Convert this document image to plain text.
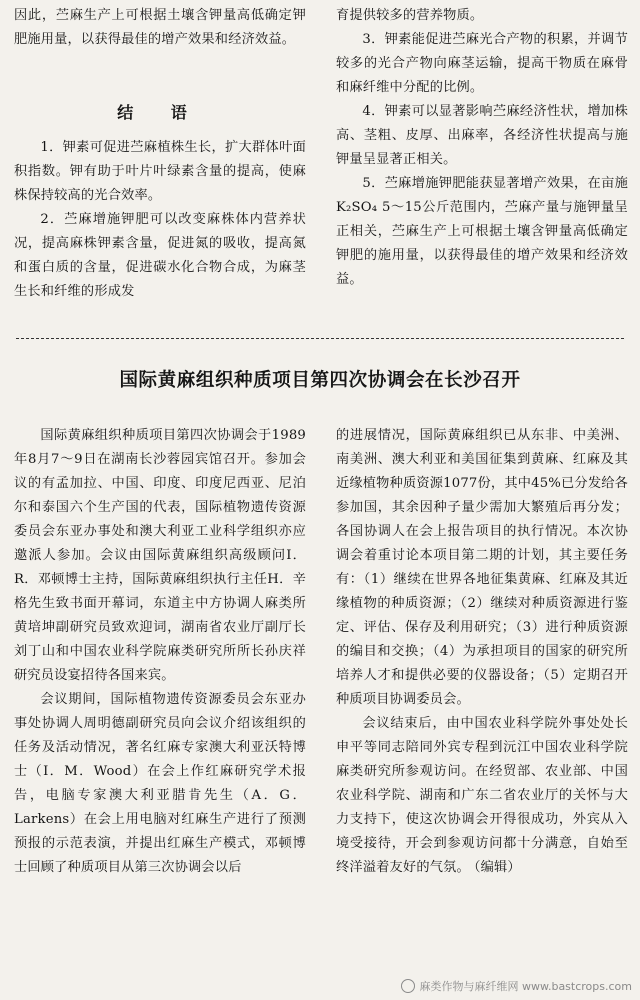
因此，苎麻生产上可根据土壤含钾量高低确定钾肥施用量，以获得最佳的增产效果和经济效益。

结 语

1．钾素可促进苎麻植株生长，扩大群体叶面积指数。钾有助于叶片叶绿素含量的提高，使麻株保持较高的光合效率。

2．苎麻增施钾肥可以改变麻株体内营养状况，提高麻株钾素含量，促进氮的吸收，提高氮和蛋白质的含量，促进碳水化合物合成，为麻茎生长和纤维的形成发

育提供较多的营养物质。

3．钾素能促进苎麻光合产物的积累，并调节较多的光合产物向麻茎运输，提高干物质在麻骨和麻纤维中分配的比例。

4．钾素可以显著影响苎麻经济性状，增加株高、茎粗、皮厚、出麻率，各经济性状提高与施钾量呈显著正相关。

5．苎麻增施钾肥能获显著增产效果，在亩施K₂SO₄ 5～15公斤范围内，苎麻产量与施钾量呈正相关，苎麻生产上可根据土壤含钾量高低确定钾肥的施用量，以获得最佳的增产效果和经济效益。

国际黄麻组织种质项目第四次协调会在长沙召开

国际黄麻组织种质项目第四次协调会于1989年8月7～9日在湖南长沙蓉园宾馆召开。参加会议的有孟加拉、中国、印度、印度尼西亚、尼泊尔和泰国六个生产国的代表，国际植物遗传资源委员会东亚办事处和澳大利亚工业科学组织亦应邀派人参加。会议由国际黄麻组织高级顾问I．R．邓顿博士主持，国际黄麻组织执行主任H．辛格先生致书面开幕词，东道主中方协调人麻类所黄培坤副研究员致欢迎词，湖南省农业厅副厅长刘丁山和中国农业科学院麻类研究所所长孙庆祥研究员设宴招待各国来宾。

会议期间，国际植物遗传资源委员会东亚办事处协调人周明德副研究员向会议介绍该组织的任务及活动情况，著名红麻专家澳大利亚沃特博士（I．M．Wood）在会上作红麻研究学术报告，电脑专家澳大利亚腊肯先生（A．G．Larkens）在会上用电脑对红麻生产进行了预测预报的示范表演，并提出红麻生产模式，邓顿博士回顾了种质项目从第三次协调会以后

的进展情况，国际黄麻组织已从东非、中美洲、南美洲、澳大利亚和美国征集到黄麻、红麻及其近缘植物种质资源1077份，其中45%已分发给各参加国，其余因种子量少需加大繁殖后再分发；各国协调人在会上报告项目的执行情况。本次协调会着重讨论本项目第二期的计划，其主要任务有：（1）继续在世界各地征集黄麻、红麻及其近缘植物的种质资源；（2）继续对种质资源进行鉴定、评估、保存及利用研究；（3）进行种质资源的编目和交换；（4）为承担项目的国家的研究所培养人才和提供必要的仪器设备；（5）定期召开种质项目协调委员会。

会议结束后，由中国农业科学院外事处处长申平等同志陪同外宾专程到沅江中国农业科学院麻类研究所参观访问。在经贸部、农业部、中国农业科学院、湖南和广东二省农业厅的关怀与大力支持下，使这次协调会开得很成功，外宾从入境受接待，开会到参观访问都十分满意，自始至终洋溢着友好的气氛。 （编辑）

麻类作物与麻纤维网 www.bastcrops.com
